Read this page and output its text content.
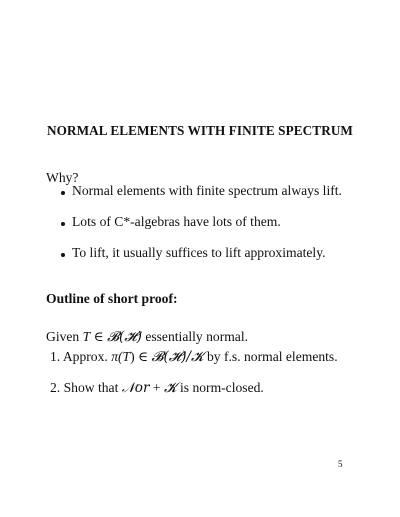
NORMAL ELEMENTS WITH FINITE SPECTRUM
Why?
Normal elements with finite spectrum always lift.
Lots of C*-algebras have lots of them.
To lift, it usually suffices to lift approximately.
Outline of short proof:
Given T ∈ 𝓑(𝓗) essentially normal.
1. Approx. π(T) ∈ 𝓑(𝓗)/𝓚 by f.s. normal elements.
2. Show that 𝒩or + 𝓚 is norm-closed.
5
